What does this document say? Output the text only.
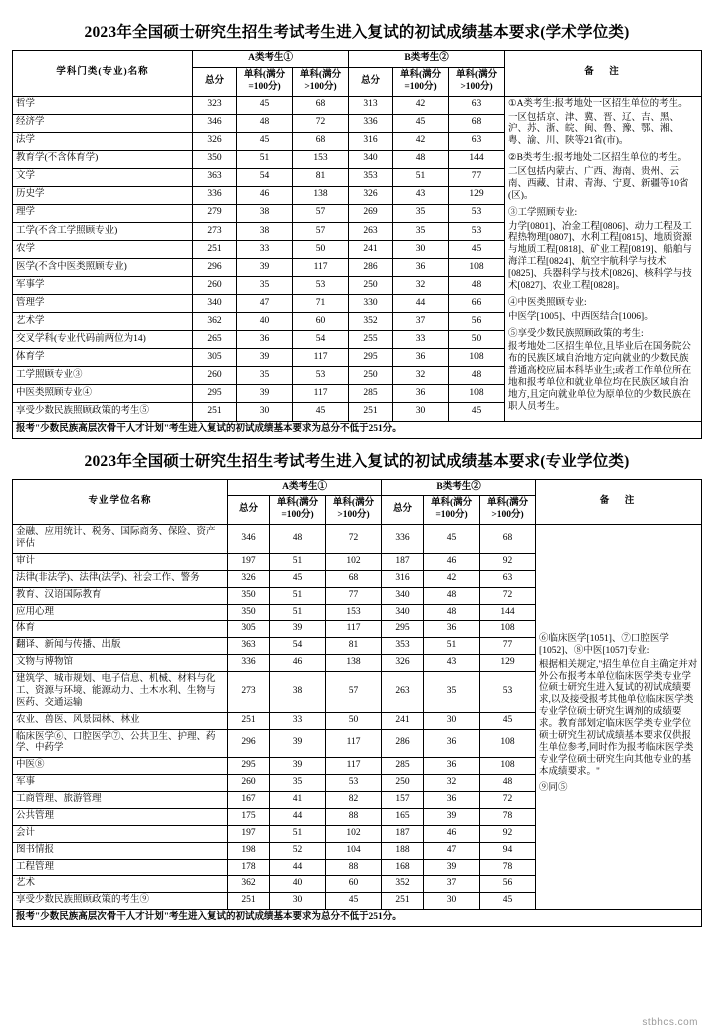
2023年全国硕士研究生招生考试考生进入复试的初试成绩基本要求(学术学位类)
学科门类(专业)名称	A类考生①			B类考生②			备　注
	总分	单科(满分=100分)	单科(满分>100分)	总分	单科(满分=100分)	单科(满分>100分)	
哲学	323	45	68	313	42	63	①A类考生:报考地处一区招生单位的考生。

一区包括京、津、冀、晋、辽、吉、黑、沪、苏、浙、皖、闽、鲁、豫、鄂、湘、粤、渝、川、陕等21省(市)。

②B类考生:报考地处二区招生单位的考生。

二区包括内蒙古、广西、海南、贵州、云南、西藏、甘肃、青海、宁夏、新疆等10省(区)。

③工学照顾专业:

力学[0801]、冶金工程[0806]、动力工程及工程热物理[0807]、水利工程[0815]、地质资源与地质工程[0818]、矿业工程[0819]、船舶与海洋工程[0824]、航空宇航科学与技术[0825]、兵器科学与技术[0826]、核科学与技术[0827]、农业工程[0828]。

④中医类照顾专业:

中医学[1005]、中西医结合[1006]。

⑤享受少数民族照顾政策的考生:

报考地处二区招生单位,且毕业后在国务院公布的民族区域自治地方定向就业的少数民族普通高校应届本科毕业生;或者工作单位所在地和报考单位和就业单位均在民族区域自治地方,且定向就业单位为原单位的少数民族在职人员考生。

经济学	346	48	72	336	45	68	
法学	326	45	68	316	42	63	
教育学(不含体育学)	350	51	153	340	48	144	
文学	363	54	81	353	51	77	
历史学	336	46	138	326	43	129	
理学	279	38	57	269	35	53	
工学(不含工学照顾专业)	273	38	57	263	35	53	
农学	251	33	50	241	30	45	
医学(不含中医类照顾专业)	296	39	117	286	36	108	
军事学	260	35	53	250	32	48	
管理学	340	47	71	330	44	66	
艺术学	362	40	60	352	37	56	
交叉学科(专业代码前两位为14)	265	36	54	255	33	50	
体育学	305	39	117	295	36	108	
工学照顾专业③	260	35	53	250	32	48	
中医类照顾专业④	295	39	117	285	36	108	
享受少数民族照顾政策的考生⑤	251	30	45	251	30	45	
报考"少数民族高层次骨干人才计划"考生进入复试的初试成绩基本要求为总分不低于251分。							
2023年全国硕士研究生招生考试考生进入复试的初试成绩基本要求(专业学位类)
专业学位名称	A类考生①			B类考生②			备　注
	总分	单科(满分=100分)	单科(满分>100分)	总分	单科(满分=100分)	单科(满分>100分)	
金融、应用统计、税务、国际商务、保险、资产评估	346	48	72	336	45	68	⑥临床医学[1051]、⑦口腔医学[1052]、⑧中医[1057]专业:

根据相关规定,"招生单位自主确定并对外公布报考本单位临床医学类专业学位硕士研究生进入复试的初试成绩要求,以及接受报考其他单位临床医学类专业学位硕士研究生调剂的成绩要求。教育部划定临床医学类专业学位硕士研究生初试成绩基本要求仅供报生单位参考,同时作为报考临床医学类专业学位硕士研究生向其他专业的基本成绩要求。"

⑨同⑤

审计	197	51	102	187	46	92	
法律(非法学)、法律(法学)、社会工作、警务	326	45	68	316	42	63	
教育、汉语国际教育	350	51	77	340	48	72	
应用心理	350	51	153	340	48	144	
体育	305	39	117	295	36	108	
翻译、新闻与传播、出版	363	54	81	353	51	77	
文物与博物馆	336	46	138	326	43	129	
建筑学、城市规划、电子信息、机械、材料与化工、资源与环境、能源动力、土木水利、生物与医药、交通运输	273	38	57	263	35	53	
农业、兽医、风景园林、林业	251	33	50	241	30	45	
临床医学⑥、口腔医学⑦、公共卫生、护理、药学、中药学	296	39	117	286	36	108	
中医⑧	295	39	117	285	36	108	
军事	260	35	53	250	32	48	
工商管理、旅游管理	167	41	82	157	36	72	
公共管理	175	44	88	165	39	78	
会计	197	51	102	187	46	92	
图书情报	198	52	104	188	47	94	
工程管理	178	44	88	168	39	78	
艺术	362	40	60	352	37	56	
享受少数民族照顾政策的考生⑨	251	30	45	251	30	45	
报考"少数民族高层次骨干人才计划"考生进入复试的初试成绩基本要求为总分不低于251分。							
stbhcs.com
